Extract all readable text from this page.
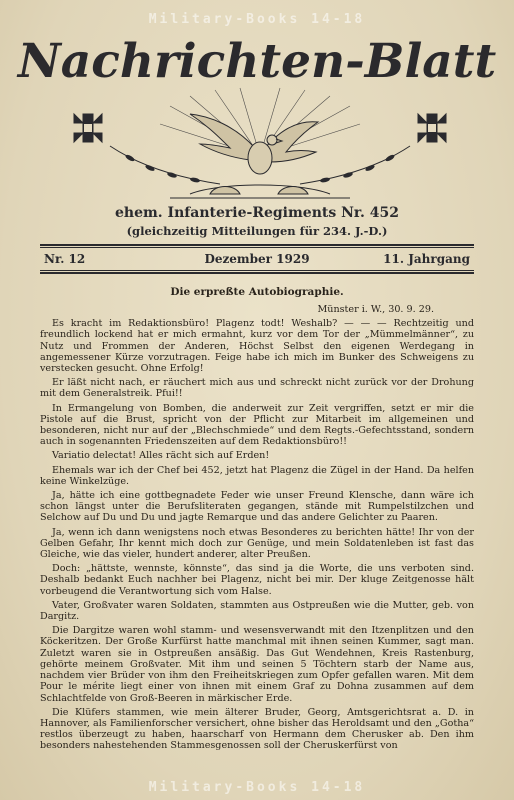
Military-Books 14-18
Nachrichten-Blatt
ehem. Infanterie-Regiments Nr. 452
(gleichzeitig Mitteilungen für 234. J.-D.)
Nr. 12	Dezember 1929	11. Jahrgang
Die erpreßte Autobiographie.

Münster i. W., 30. 9. 29.

Es kracht im Redaktionsbüro! Plagenz todt! Weshalb? — — — Rechtzeitig und freundlich lockend hat er mich ermahnt, kurz vor dem Tor der „Mümmelmänner“, zu Nutz und Frommen der Anderen, Höchst Selbst den eigenen Werdegang in angemessener Kürze vorzutragen. Feige habe ich mich im Bunker des Schweigens zu verstecken gesucht. Ohne Erfolg!

Er läßt nicht nach, er räuchert mich aus und schreckt nicht zurück vor der Drohung mit dem Generalstreik. Pfui!!

In Ermangelung von Bomben, die anderweit zur Zeit vergriffen, setzt er mir die Pistole auf die Brust, spricht von der Pflicht zur Mitarbeit im allgemeinen und besonderen, nicht nur auf der „Blechschmiede“ und dem Regts.-Gefechtsstand, sondern auch in sogenannten Friedenszeiten auf dem Redaktionsbüro!!

Variatio delectat! Alles rächt sich auf Erden!

Ehemals war ich der Chef bei 452, jetzt hat Plagenz die Zügel in der Hand. Da helfen keine Winkelzüge.

Ja, hätte ich eine gottbegnadete Feder wie unser Freund Klensche, dann wäre ich schon längst unter die Berufsliteraten gegangen, stände mit Rumpelstilzchen und Selchow auf Du und Du und jagte Remarque und das andere Gelichter zu Paaren.

Ja, wenn ich dann wenigstens noch etwas Besonderes zu berichten hätte! Ihr von der Gelben Gefahr, Ihr kennt mich doch zur Genüge, und mein Soldatenleben ist fast das Gleiche, wie das vieler, hundert anderer, alter Preußen.

Doch: „hättste, wennste, könnste“, das sind ja die Worte, die uns verboten sind. Deshalb bedankt Euch nachher bei Plagenz, nicht bei mir. Der kluge Zeitgenosse hält vorbeugend die Verantwortung sich vom Halse.

Vater, Großvater waren Soldaten, stammten aus Ostpreußen wie die Mutter, geb. von Dargitz.

Die Dargitze waren wohl stamm- und wesensverwandt mit den Itzenplitzen und den Köckeritzen. Der Große Kurfürst hatte manchmal mit ihnen seinen Kummer, sagt man. Zuletzt waren sie in Ostpreußen ansäßig. Das Gut Wendehnen, Kreis Rastenburg, gehörte meinem Großvater. Mit ihm und seinen 5 Töchtern starb der Name aus, nachdem vier Brüder von ihm den Freiheitskriegen zum Opfer gefallen waren. Mit dem Pour le mérite liegt einer von ihnen mit einem Graf zu Dohna zusammen auf dem Schlachtfelde von Groß-Beeren in märkischer Erde.

Die Klüfers stammen, wie mein älterer Bruder, Georg, Amtsgerichtsrat a. D. in Hannover, als Familienforscher versichert, ohne bisher das Heroldsamt und den „Gotha“ restlos überzeugt zu haben, haarscharf von Hermann dem Cherusker ab. Den ihm besonders nahestehenden Stammesgenossen soll der Cheruskerfürst von

Military-Books 14-18
